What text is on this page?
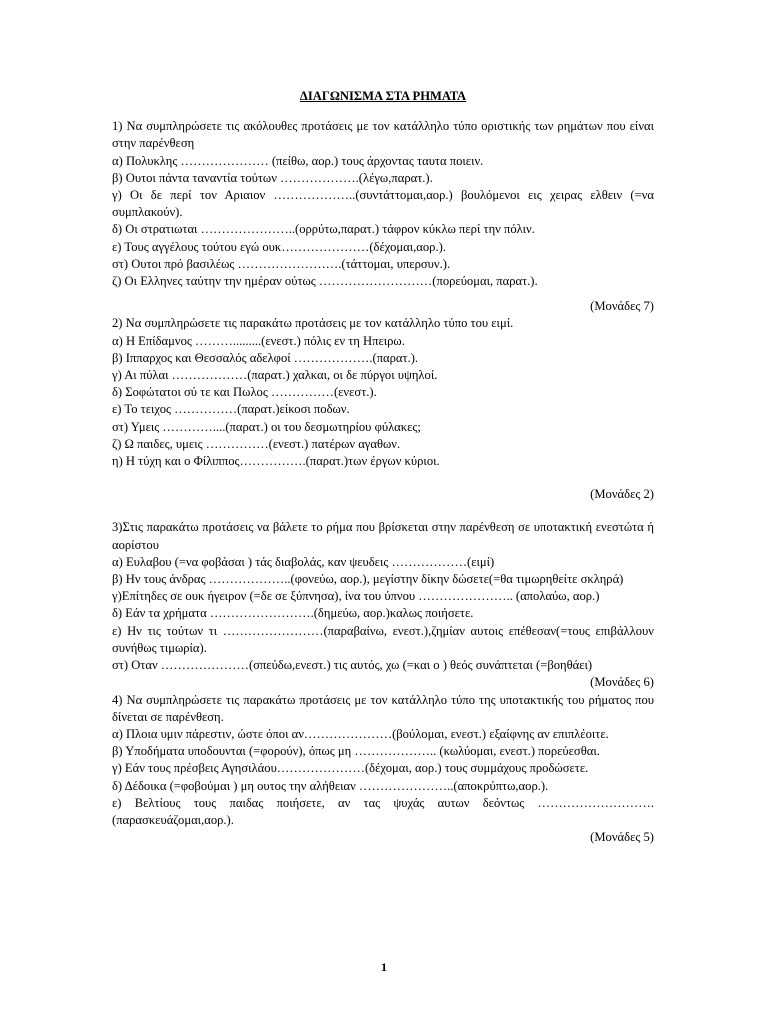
ΔΙΑΓΩΝΙΣΜΑ ΣΤΑ ΡΗΜΑΤΑ

1) Να συμπληρώσετε τις ακόλουθες προτάσεις με τον κατάλληλο τύπο οριστικής των ρημάτων που είναι στην παρένθεση

α) Πολυκλης ………………… (πείθω, αορ.) τους άρχοντας ταυτα ποιειν.

β) Ουτοι πάντα ταναντία τούτων ……………….(λέγω,παρατ.).

γ) Οι δε περί τον Αριαιον ………………..(συντάττομαι,αορ.) βουλόμενοι εις χειρας ελθειν (=να συμπλακούν).

δ) Οι στρατιωται …………………..(ορρύτω,παρατ.) τάφρον κύκλω περί την πόλιν.

ε) Τους αγγέλους τούτου εγώ ουκ…………………(δέχομαι,αορ.).

στ) Ουτοι πρό βασιλέως …………………….(τάττομαι, υπερσυν.).

ζ) Οι Ελληνες ταύτην την ημέραν ούτως ………………………(πορεύομαι, παρατ.).

(Μονάδες 7)

2) Να συμπληρώσετε τις παρακάτω προτάσεις με τον κατάλληλο τύπο του ειμί.

α) Η Επίδαμνος ……….........(ενεστ.) πόλις εν τη Ηπειρω.

β) Ιππαρχος και Θεσσαλός αδελφοί ……………….(παρατ.).

γ) Αι πύλαι ………………(παρατ.) χαλκαι, οι δε πύργοι υψηλοί.

δ) Σοφώτατοι σύ τε και Πωλος ……………(ενεστ.).

ε) Το τειχος ……………(παρατ.)είκοσι ποδων.

στ) Υμεις …………....(παρατ.) οι του δεσμωτηρίου φύλακες;

ζ) Ω παιδες, υμεις ……………(ενεστ.) πατέρων αγαθων.

η) Η τύχη και ο Φίλιππος…………….(παρατ.)των έργων κύριοι.

(Μονάδες 2)

3)Στις παρακάτω προτάσεις να βάλετε το ρήμα που βρίσκεται στην παρένθεση σε υποτακτική ενεστώτα ή αορίστου

α) Ευλαβου (=να φοβάσαι ) τάς διαβολάς, καν ψευδεις ………………(ειμί)

β) Ην τους άνδρας ………………..(φονεύω, αορ.), μεγίστην δίκην δώσετε(=θα τιμωρηθείτε σκληρά)

γ)Επίτηδες σε ουκ ήγειρον (=δε σε ξύπνησα), ίνα του ύπνου ………………….. (απολαύω, αορ.)

δ) Εάν τα χρήματα …………………….(δημεύω, αορ.)καλως ποιήσετε.

ε) Ην τις τούτων τι ……………………(παραβαίνω, ενεστ.),ζημίαν αυτοις επέθεσαν(=τους επιβάλλουν συνήθως τιμωρία).

στ) Οταν …………………(σπεύδω,ενεστ.) τις αυτός, χω (=και ο ) θεός συνάπτεται (=βοηθάει)

(Μονάδες 6)

4) Να συμπληρώσετε τις παρακάτω προτάσεις με τον κατάλληλο τύπο της υποτακτικής του ρήματος που δίνεται σε παρένθεση.

α) Πλοια υμιν πάρεστιν, ώστε όποι αν…………………(βούλομαι, ενεστ.) εξαίφνης αν επιπλέοιτε.

β) Υποδήματα υποδουνται (=φορούν), όπως μη ……………….. (κωλύομαι, ενεστ.) πορεύεσθαι.

γ) Εάν τους πρέσβεις Αγησιλάου…………………(δέχομαι, αορ.) τους συμμάχους προδώσετε.

δ) Δέδοικα (=φοβούμαι ) μη ουτος την αλήθειαν …………………..(αποκρύπτω,αορ.).

ε) Βελτίους τους παιδας ποιήσετε, αν τας ψυχάς αυτων δεόντως ……………………….(παρασκευάζομαι,αορ.).

(Μονάδες 5)

1
